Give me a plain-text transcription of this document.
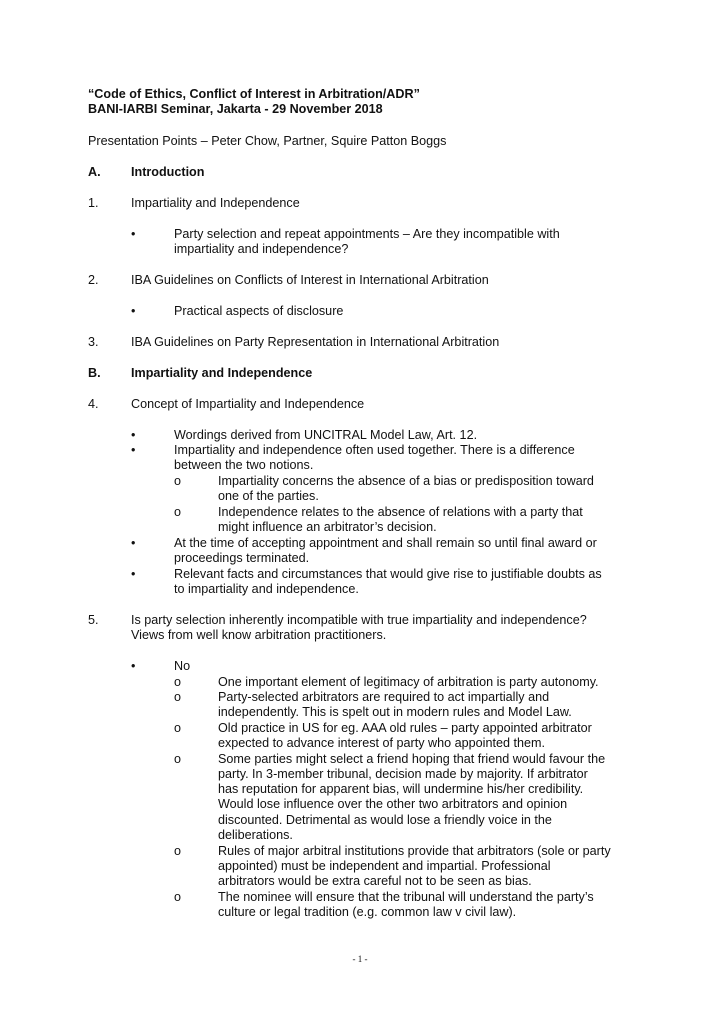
“Code of Ethics, Conflict of Interest in Arbitration/ADR”
BANI-IARBI Seminar, Jakarta - 29 November 2018
Presentation Points – Peter Chow, Partner, Squire Patton Boggs
A. Introduction
1.	Impartiality and Independence
•	Party selection and repeat appointments – Are they incompatible with
impartiality and independence?
2.	IBA Guidelines on Conflicts of Interest in International Arbitration
•	Practical aspects of disclosure
3.	IBA Guidelines on Party Representation in International Arbitration
B. Impartiality and Independence
4.	Concept of Impartiality and Independence
•	Wordings derived from UNCITRAL Model Law, Art. 12.
•	Impartiality and independence often used together. There is a difference
between the two notions.
o	Impartiality concerns the absence of a bias or predisposition toward
one of the parties.
o	Independence relates to the absence of relations with a party that
might influence an arbitrator’s decision.
•	At the time of accepting appointment and shall remain so until final award or
proceedings terminated.
•	Relevant facts and circumstances that would give rise to justifiable doubts as
to impartiality and independence.
5.	Is party selection inherently incompatible with true impartiality and independence?
Views from well know arbitration practitioners.
•	No
o	One important element of legitimacy of arbitration is party autonomy.
o	Party-selected arbitrators are required to act impartially and
independently. This is spelt out in modern rules and Model Law.
o	Old practice in US for eg. AAA old rules – party appointed arbitrator
expected to advance interest of party who appointed them.
o	Some parties might select a friend hoping that friend would favour the
party. In 3-member tribunal, decision made by majority. If arbitrator
has reputation for apparent bias, will undermine his/her credibility.
Would lose influence over the other two arbitrators and opinion
discounted. Detrimental as would lose a friendly voice in the
deliberations.
o	Rules of major arbitral institutions provide that arbitrators (sole or party
appointed) must be independent and impartial. Professional
arbitrators would be extra careful not to be seen as bias.
o	The nominee will ensure that the tribunal will understand the party’s
culture or legal tradition (e.g. common law v civil law).
- 1 -
